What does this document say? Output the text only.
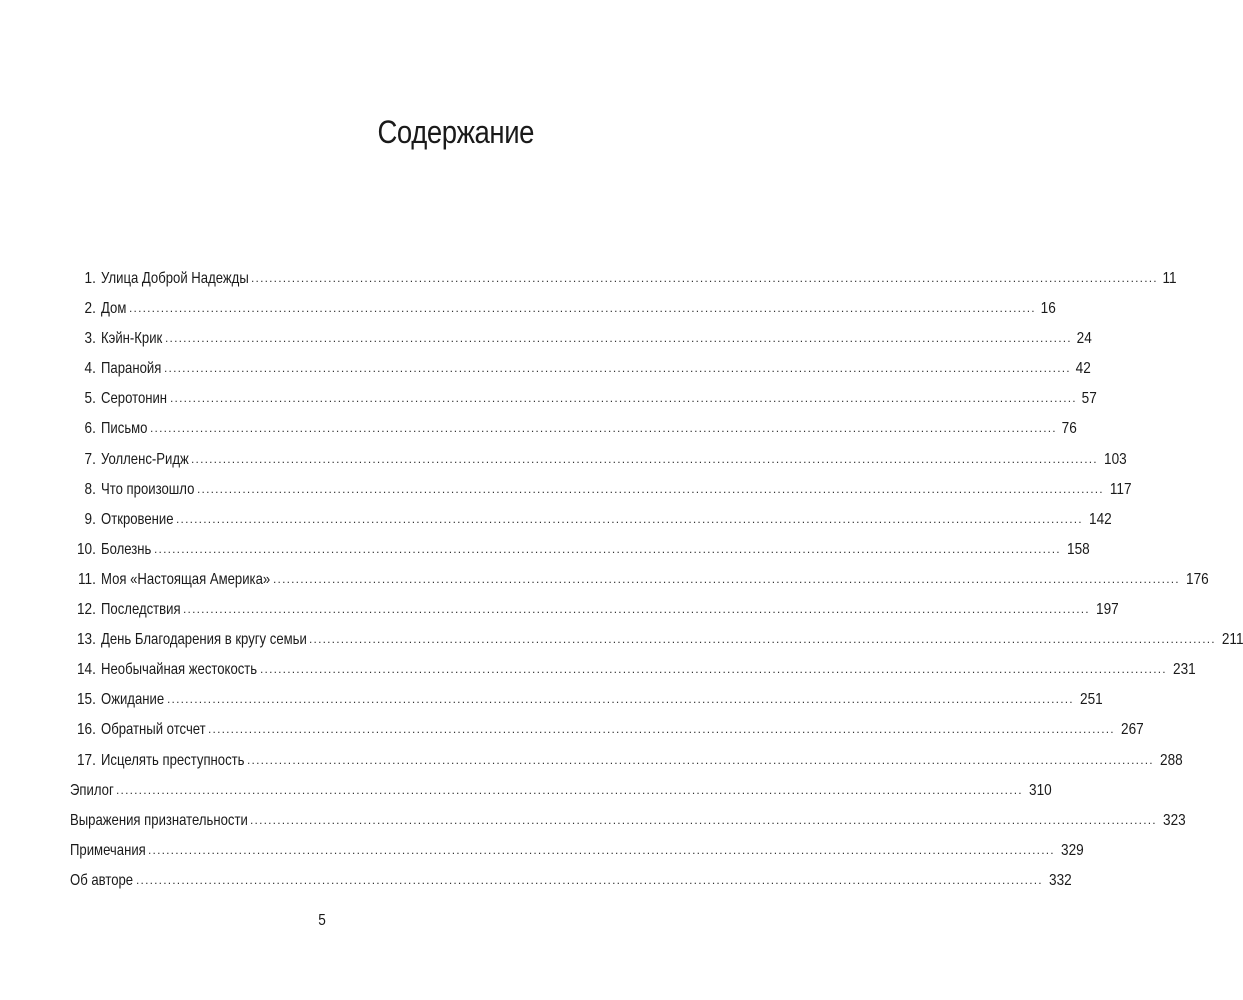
Содержание
1. Улица Доброй Надежды .....	11
2. Дом .....	16
3. Кэйн-Крик .....	24
4. Паранойя .....	42
5. Серотонин .....	57
6. Письмо .....	76
7. Уолленс-Ридж .....	103
8. Что произошло .....	117
9. Откровение .....	142
10. Болезнь .....	158
11. Моя «Настоящая Америка» .....	176
12. Последствия .....	197
13. День Благодарения в кругу семьи .....	211
14. Необычайная жестокость .....	231
15. Ожидание .....	251
16. Обратный отсчет .....	267
17. Исцелять преступность .....	288
Эпилог .....	310
Выражения признательности .....	323
Примечания .....	329
Об авторе .....	332
5
